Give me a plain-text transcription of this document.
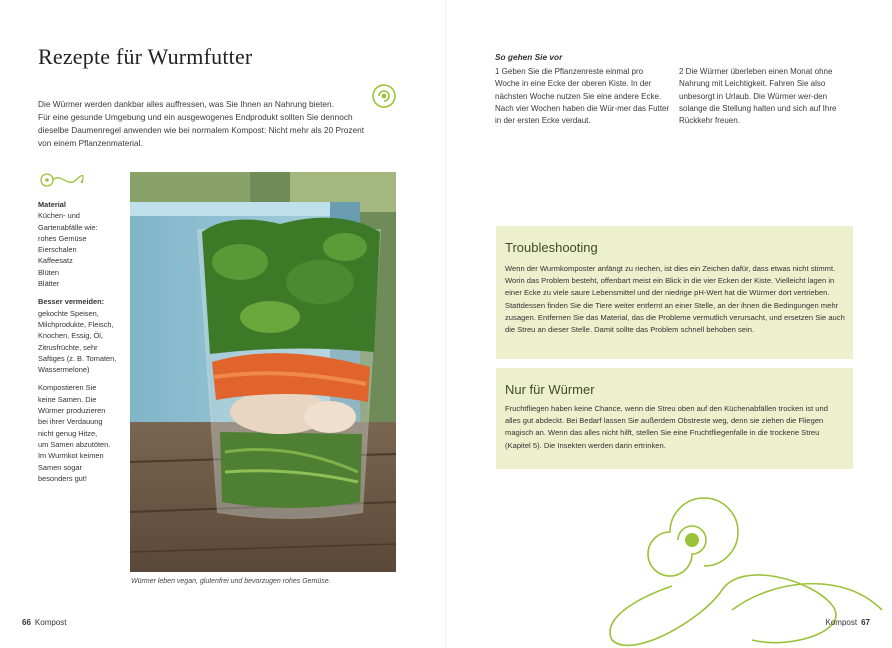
Rezepte für Wurmfutter

Die Würmer werden dankbar alles auffressen, was Sie Ihnen an Nahrung bieten.

Für eine gesunde Umgebung und ein ausgewogenes Endprodukt sollten Sie dennoch dieselbe Daumenregel anwenden wie bei normalem Kompost: Nicht mehr als 20 Prozent von einem Pflanzenmaterial.

Material
Küchen- und
Gartenabfälle wie:
rohes Gemüse
Eierschalen
Kaffeesatz
Blüten
Blätter
Besser vermeiden:
gekochte Speisen,
Milchprodukte, Fleisch,
Knochen, Essig, Öl,
Zitrusfrüchte, sehr
Saftiges (z. B. Tomaten,
Wassermelone)
Kompostieren Sie
keine Samen. Die
Würmer produzieren
bei ihrer Verdauung
nicht genug Hitze,
um Samen abzutöten.
Im Wurmkot keimen
Samen sogar
besonders gut!
Würmer leben vegan, glutenfrei und bevorzugen rohes Gemüse.
66 Kompost
So gehen Sie vor
1 Geben Sie die Pflanzenreste einmal pro Woche in eine Ecke der oberen Kiste. In der nächsten Woche nutzen Sie eine andere Ecke. Nach vier Wochen haben die Wür-mer das Futter in der ersten Ecke verdaut.
2 Die Würmer überleben einen Monat ohne Nahrung mit Leichtigkeit. Fahren Sie also unbesorgt in Urlaub. Die Würmer wer-den solange die Stellung halten und sich auf Ihre Rückkehr freuen.
Troubleshooting
Wenn der Wurmkomposter anfängt zu riechen, ist dies ein Zeichen dafür, dass etwas nicht stimmt. Worin das Problem besteht, offenbart meist ein Blick in die vier Ecken der Kiste. Vielleicht lagen in einer Ecke zu viele saure Lebensmittel und der niedrige pH-Wert hat die Würmer dort vertrieben. Stattdessen finden Sie die Tiere weiter entfernt an einer Stelle, an der ihnen die Bedingungen mehr zusagen. Entfernen Sie das Material, das die Probleme vermutlich verursacht, und ersetzen Sie auch die Streu an dieser Stelle. Damit sollte das Problem schnell behoben sein.
Nur für Würmer
Fruchtfliegen haben keine Chance, wenn die Streu oben auf den Küchenabfällen trocken ist und alles gut abdeckt. Bei Bedarf lassen Sie außerdem Obstreste weg, denn sie ziehen die Fliegen magisch an. Wenn das alles nicht hilft, stellen Sie eine Fruchtfliegenfalle in die trockene Streu (Kapitel 5). Die Insekten werden darin ertrinken.
Kompost 67
